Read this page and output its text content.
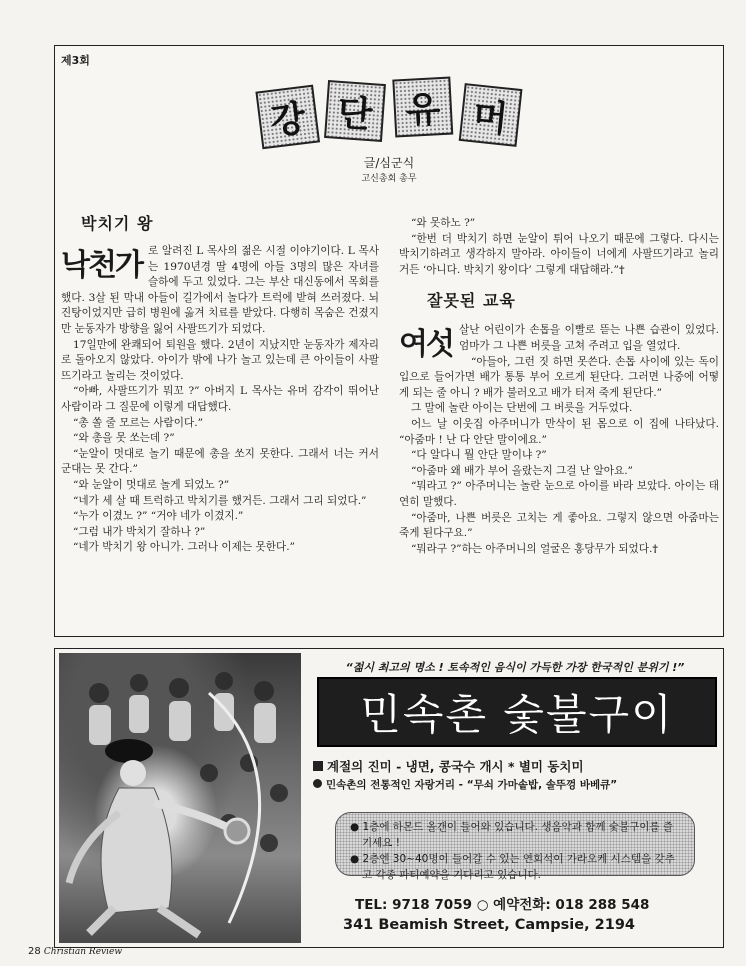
제3회
강 단 유 머
글/심군식
고신총회 총무
박치기 왕

낙천가 로 알려진 L 목사의 젊은 시절 이야기이다. L 목사는 1970년경 딸 4명에 아들 3명의 많은 자녀를 슬하에 두고 있었다. 그는 부산 대신동에서 목회를 했다. 3살 된 막내 아들이 길가에서 놀다가 트럭에 받혀 쓰러졌다. 뇌진탕이었지만 급히 병원에 옮겨 치료를 받았다. 다행히 목숨은 건졌지만 눈동자가 방향을 잃어 사팔뜨기가 되었다.

17일만에 완쾌되어 퇴원을 했다. 2년이 지났지만 눈동자가 제자리로 돌아오지 않았다. 아이가 밖에 나가 놀고 있는데 큰 아이들이 사팔뜨기라고 놀리는 것이었다.

“아빠, 사팔뜨기가 뭐꼬 ?” 아버지 L 목사는 유머 감각이 뛰어난 사람이라 그 질문에 이렇게 대답했다.

“총 쏠 줄 모르는 사람이다.”

“와 총을 못 쏘는데 ?”

“눈알이 멋대로 놀기 때문에 총을 쏘지 못한다. 그래서 너는 커서 군대는 못 간다.”

“와 눈알이 멋대로 놀게 되었노 ?”

“네가 세 살 때 트럭하고 박치기를 했거든. 그래서 그리 되었다.”

“누가 이겼노 ?” “거야 네가 이겼지.”

“그럼 내가 박치기 잘하나 ?”

“네가 박치기 왕 아니가. 그러나 이제는 못한다.”

“와 못하노 ?”

“한번 더 박치기 하면 눈알이 튀어 나오기 때문에 그렇다. 다시는 박치기하려고 생각하지 말아라. 아이들이 너에게 사팔뜨기라고 놀리거든 ‘아니다. 박치기 왕이다’ 그렇게 대답해라.”†

잘못된 교육

여섯 살난 어린이가 손톱을 이빨로 뜯는 나쁜 습관이 있었다. 엄마가 그 나쁜 버릇을 고쳐 주려고 입을 열었다.

“아들아, 그런 짓 하면 못쓴다. 손톱 사이에 있는 독이 입으로 들어가면 배가 통통 부어 오르게 된단다. 그러면 나중에 어떻게 되는 줄 아니 ? 배가 불러오고 배가 터져 죽게 된단다.”

그 말에 놀란 아이는 단번에 그 버릇을 거두었다.

어느 날 이웃집 아주머니가 만삭이 된 몸으로 이 집에 나타났다. “아줌마 ! 난 다 안단 말이에요.”

“다 알다니 뭘 안단 말이냐 ?”

“아줌마 왜 배가 부어 올랐는지 그걸 난 알아요.”

“뭐라고 ?” 아주머니는 놀란 눈으로 아이를 바라 보았다. 아이는 태연히 말했다.

“아줌마, 나쁜 버릇은 고치는 게 좋아요. 그렇지 않으면 아줌마는 죽게 된다구요.”

“뭐라구 ?”하는 아주머니의 얼굴은 홍당무가 되었다.†

“젊시 최고의 명소 ! 토속적인 음식이 가득한 가장 한국적인 분위기 !”
민속촌 숯불구이
계절의 진미 - 냉면, 콩국수 개시 * 별미 동치미
민속촌의 전통적인 자랑거리 - “무쇠 가마솥밥, 솔뚜껑 바베큐”
● 1층에 하몬드 올갠이 들어와 있습니다. 생음악과 함께 숯불구이를 즐기세요 !
● 2층엔 30~40명이 들어갈 수 있는 연회석이 가라오케 시스템을 갖추고 각종 파티예약을 기다리고 있습니다.
TEL: 9718 7059 ○ 예약전화: 018 288 548
341 Beamish Street, Campsie, 2194
28 Christian Review
